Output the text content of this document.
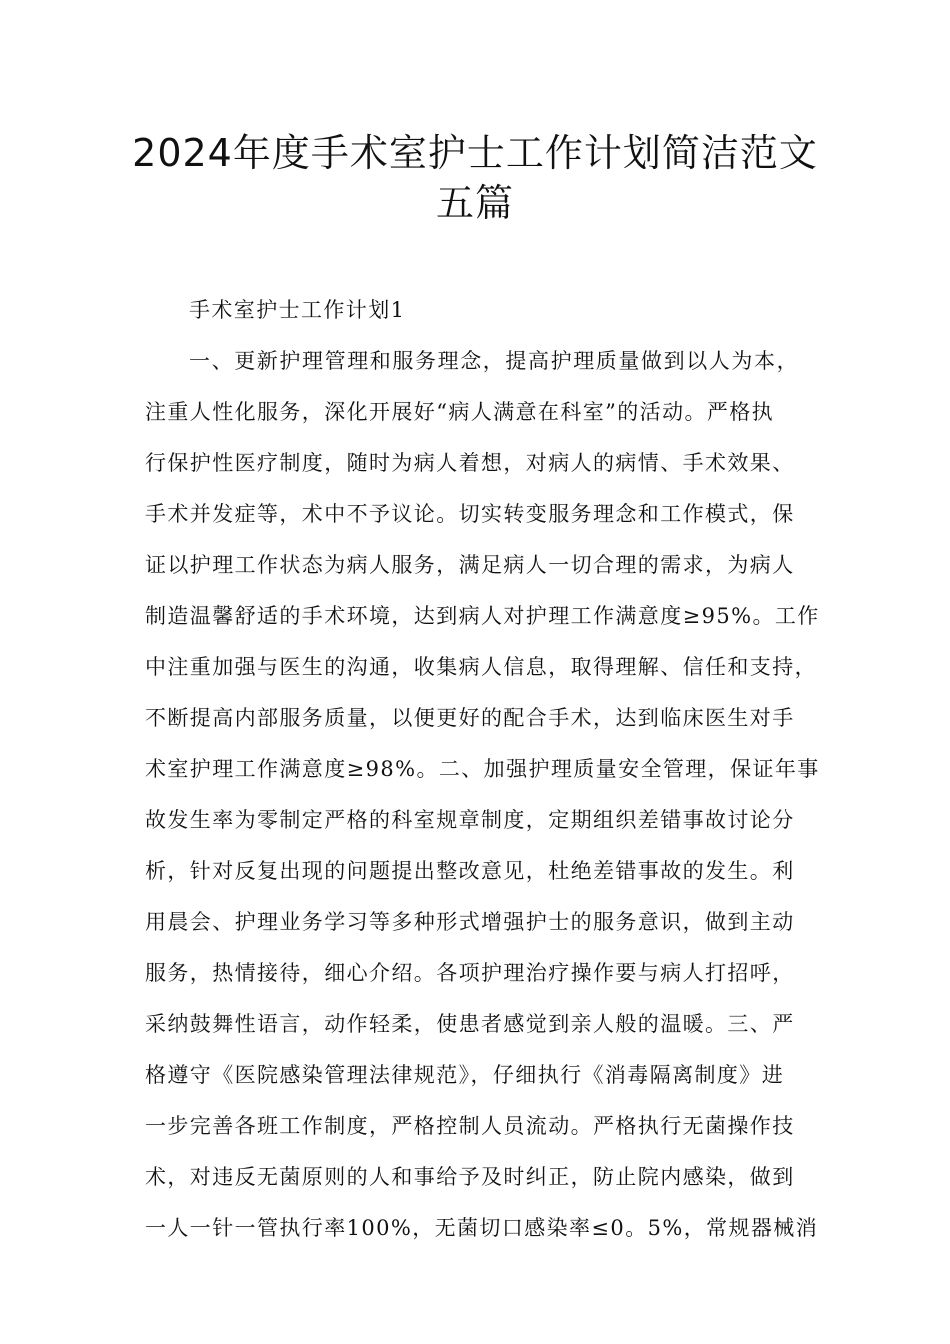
2024年度手术室护士工作计划简洁范文
五篇
手术室护士工作计划1
一、更新护理管理和服务理念，提高护理质量做到以人为本，
注重人性化服务，深化开展好“病人满意在科室”的活动。严格执
行保护性医疗制度，随时为病人着想，对病人的病情、手术效果、
手术并发症等，术中不予议论。切实转变服务理念和工作模式，保
证以护理工作状态为病人服务，满足病人一切合理的需求，为病人
制造温馨舒适的手术环境，达到病人对护理工作满意度≥95%。工作
中注重加强与医生的沟通，收集病人信息，取得理解、信任和支持，
不断提高内部服务质量，以便更好的配合手术，达到临床医生对手
术室护理工作满意度≥98%。二、加强护理质量安全管理，保证年事
故发生率为零制定严格的科室规章制度，定期组织差错事故讨论分
析，针对反复出现的问题提出整改意见，杜绝差错事故的发生。利
用晨会、护理业务学习等多种形式增强护士的服务意识，做到主动
服务，热情接待，细心介绍。各项护理治疗操作要与病人打招呼，
采纳鼓舞性语言，动作轻柔，使患者感觉到亲人般的温暖。三、严
格遵守《医院感染管理法律规范》，仔细执行《消毒隔离制度》进
一步完善各班工作制度，严格控制人员流动。严格执行无菌操作技
术，对违反无菌原则的人和事给予及时纠正，防止院内感染，做到
一人一针一管执行率100%，无菌切口感染率≤0。5%，常规器械消
